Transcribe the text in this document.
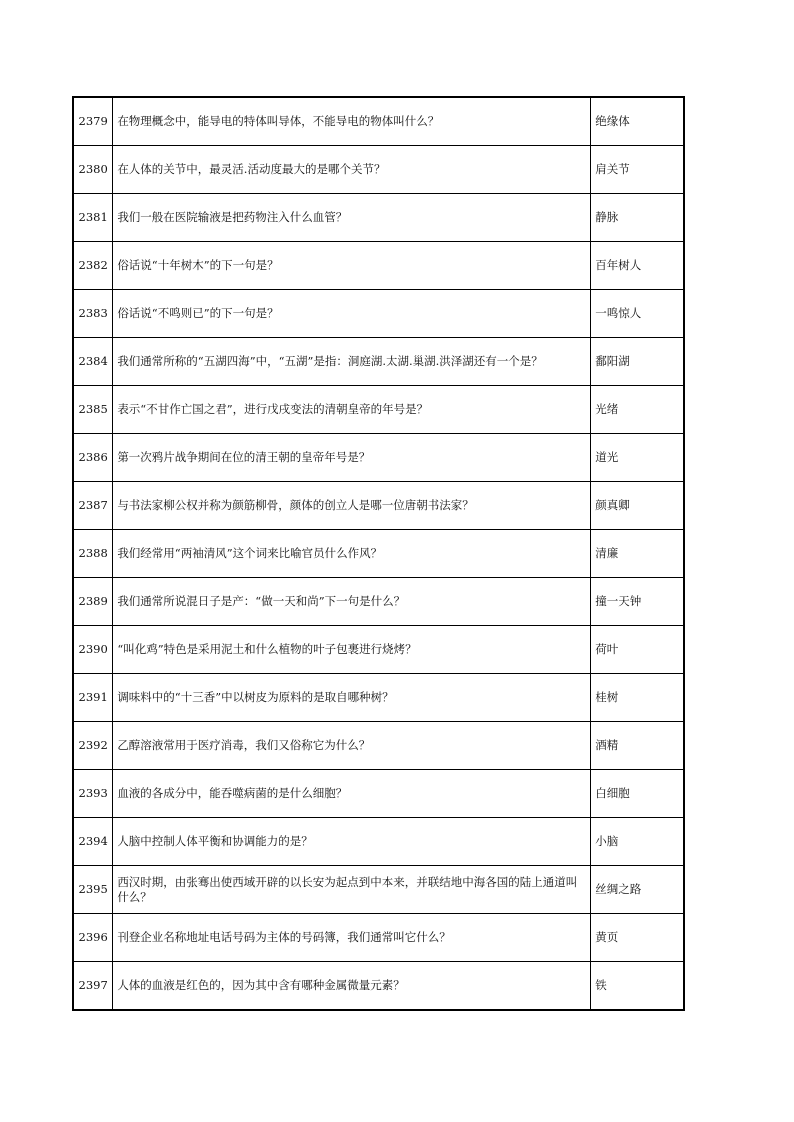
2379	在物理概念中，能导电的特体叫导体，不能导电的物体叫什么？	绝缘体
2380	在人体的关节中，最灵活.活动度最大的是哪个关节？	肩关节
2381	我们一般在医院输液是把药物注入什么血管？	静脉
2382	俗话说“十年树木”的下一句是？	百年树人
2383	俗话说“不鸣则已”的下一句是？	一鸣惊人
2384	我们通常所称的“五湖四海”中，“五湖”是指：洞庭湖.太湖.巢湖.洪泽湖还有一个是？	鄱阳湖
2385	表示“不甘作亡国之君”，进行戊戌变法的清朝皇帝的年号是？	光绪
2386	第一次鸦片战争期间在位的清王朝的皇帝年号是？	道光
2387	与书法家柳公权并称为颜筋柳骨，颜体的创立人是哪一位唐朝书法家？	颜真卿
2388	我们经常用“两袖清风”这个词来比喻官员什么作风？	清廉
2389	我们通常所说混日子是产：“做一天和尚”下一句是什么？	撞一天钟
2390	“叫化鸡”特色是采用泥土和什么植物的叶子包裹进行烧烤？	荷叶
2391	调味料中的“十三香”中以树皮为原料的是取自哪种树？	桂树
2392	乙醇溶液常用于医疗消毒，我们又俗称它为什么？	酒精
2393	血液的各成分中，能吞噬病菌的是什么细胞？	白细胞
2394	人脑中控制人体平衡和协调能力的是？	小脑
2395	西汉时期，由张骞出使西域开辟的以长安为起点到中本来，并联结地中海各国的陆上通道叫什么？	丝绸之路
2396	刊登企业名称地址电话号码为主体的号码簿，我们通常叫它什么？	黄页
2397	人体的血液是红色的，因为其中含有哪种金属微量元素？	铁
